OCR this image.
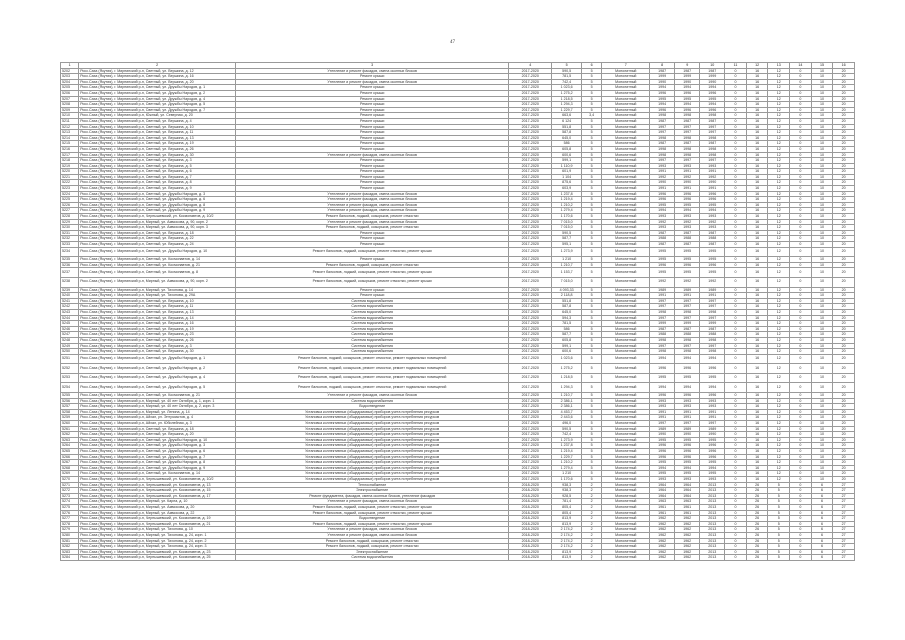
47
1	2	3	4	5	6	7	8	9	10	11	12	13	14	15	16
5202	Росс.Саха (Якутия), г. Мирнинский р-н, Светлый, ул. Вершина, д. 12	Утепление и ремонт фасадов, смена оконных блоков	2017-2020	590,5	5	Монолитный	1987	1987	1987	0	16	12	0	10	20
5203	Росс.Саха (Якутия), г. Мирнинский р-н, Светлый, ул. Вершина, д. 16	Ремонт крыши	2017-2020	781,5	5	Монолитный	1999	1999	1999	0	16	12	0	10	20
5204	Росс.Саха (Якутия), г. Мирнинский р-н, Светлый, ул. Вершина, д. 20	Утепление и ремонт фасадов, смена оконных блоков	2017-2020	742,4	5	Монолитный	1990	1990	1990	0	16	12	0	10	20
5205	Росс.Саха (Якутия), г. Мирнинский р-н, Светлый, ул. Дружбы Народов, д. 1	Ремонт крыши	2017-2020	1 023,6	5	Монолитный	1994	1994	1994	0	16	12	0	10	20
5206	Росс.Саха (Якутия), г. Мирнинский р-н, Светлый, ул. Дружбы Народов, д. 2	Ремонт крыши	2017-2020	1 275,2	5	Монолитный	1996	1996	1996	0	16	12	0	10	20
5207	Росс.Саха (Якутия), г. Мирнинский р-н, Светлый, ул. Дружбы Народов, д. 4	Ремонт крыши	2017-2020	1 218,5	5	Монолитный	1995	1995	1995	0	16	12	0	10	20
5208	Росс.Саха (Якутия), г. Мирнинский р-н, Светлый, ул. Дружбы Народов, д. 5	Ремонт крыши	2017-2020	1 294,3	5	Монолитный	1994	1994	1994	0	16	12	0	10	20
5209	Росс.Саха (Якутия), г. Мирнинский р-н, Светлый, ул. Дружбы Народов, д. 7	Ремонт крыши	2017-2020	1 229,7	5	Монолитный	1996	1996	1996	0	16	12	0	10	20
5210	Росс.Саха (Якутия), г. Мирнинский р-н, Южный, ул. Северная, д. 20	Ремонт крыши	2017-2020	663,6	3,4	Монолитный	1998	1998	1998	0	16	12	0	10	20
5211	Росс.Саха (Якутия), г. Мирнинский р-н, Светлый, ул. Вершина, д. 4	Ремонт крыши	2017-2020	6 124	5	Монолитный	1987	1987	1987	0	16	12	0	10	20
5212	Росс.Саха (Якутия), г. Мирнинский р-н, Светлый, ул. Вершина, д. 10	Ремонт крыши	2017-2020	551,8	5	Монолитный	1997	1997	1997	0	16	12	0	10	20
5213	Росс.Саха (Якутия), г. Мирнинский р-н, Светлый, ул. Вершина, д. 11	Ремонт крыши	2017-2020	587,8	5	Монолитный	1997	1997	1997	0	16	12	0	10	20
5214	Росс.Саха (Якутия), г. Мирнинский р-н, Светлый, ул. Вершина, д. 13	Ремонт крыши	2017-2020	645,0	5	Монолитный	1998	1998	1998	0	16	12	0	10	20
5215	Росс.Саха (Якутия), г. Мирнинский р-н, Светлый, ул. Вершина, д. 19	Ремонт крыши	2017-2020	586	5	Монолитный	1987	1987	1987	0	16	12	0	10	20
5216	Росс.Саха (Якутия), г. Мирнинский р-н, Светлый, ул. Вершина, д. 26	Ремонт крыши	2017-2020	605,8	5	Монолитный	1998	1998	1998	0	16	12	0	10	20
5217	Росс.Саха (Якутия), г. Мирнинский р-н, Светлый, ул. Вершина, д. 30	Утепление и ремонт фасадов, смена оконных блоков	2017-2020	600,6	5	Монолитный	1998	1998	1998	0	16	12	0	10	20
5218	Росс.Саха (Якутия), г. Мирнинский р-н, Светлый, ул. Вершина, д. 3	Ремонт крыши	2017-2020	599,1	5	Монолитный	1997	1997	1997	0	16	12	0	10	20
5219	Росс.Саха (Якутия), г. Мирнинский р-н, Светлый, ул. Вершина, д. 5	Ремонт крыши	2017-2020	1 110,9	5	Монолитный	1993	1993	1993	0	16	12	0	10	20
5220	Росс.Саха (Якутия), г. Мирнинский р-н, Светлый, ул. Вершина, д. 6	Ремонт крыши	2017-2020	601,9	5	Монолитный	1991	1991	1991	0	16	12	0	10	20
5221	Росс.Саха (Якутия), г. Мирнинский р-н, Светлый, ул. Вершина, д. 7	Ремонт крыши	2017-2020	1 104	5	Монолитный	1992	1992	1992	0	16	12	0	10	20
5222	Росс.Саха (Якутия), г. Мирнинский р-н, Светлый, ул. Вершина, д. 8	Ремонт крыши	2017-2020	875,6	5	Монолитный	1990	1990	1990	0	16	12	0	10	20
5223	Росс.Саха (Якутия), г. Мирнинский р-н, Светлый, ул. Вершина, д. 9	Ремонт крыши	2017-2020	603,9	5	Монолитный	1991	1991	1991	0	16	12	0	10	20
5224	Росс.Саха (Якутия), г. Мирнинский р-н, Светлый, ул. Дружбы Народов, д. 3	Утепление и ремонт фасадов, смена оконных блоков	2017-2020	1 237,8	5	Монолитный	1996	1996	1996	0	16	12	0	10	20
5225	Росс.Саха (Якутия), г. Мирнинский р-н, Светлый, ул. Дружбы Народов, д. 6	Утепление и ремонт фасадов, смена оконных блоков	2017-2020	1 219,4	5	Монолитный	1996	1996	1996	0	16	12	0	10	20
5226	Росс.Саха (Якутия), г. Мирнинский р-н, Светлый, ул. Дружбы Народов, д. 8	Утепление и ремонт фасадов, смена оконных блоков	2017-2020	1 210,2	5	Монолитный	1995	1995	1995	0	16	12	0	10	20
5227	Росс.Саха (Якутия), г. Мирнинский р-н, Светлый, ул. Дружбы Народов, д. 9	Утепление и ремонт фасадов, смена оконных блоков	2017-2020	1 279,4	5	Монолитный	1994	1994	1994	0	16	12	0	10	20
5228	Росс.Саха (Якутия), г. Мирнинский р-н, Чернышевский, ул. Космонавтов, д. 10/2	Ремонт балконов, лоджий, козырьков, ремонт отмостки	2017-2020	1 170,6	5	Монолитный	1993	1993	1993	0	16	12	0	10	20
5229	Росс.Саха (Якутия), г. Мирнинский р-н, Мирный, ул. Аммосова, д. 90, корп. 2	Утепление и ремонт фасадов, смена оконных блоков	2017-2020	7 015,0	5	Монолитный	1992	1992	1992	0	16	12	0	10	20
5230	Росс.Саха (Якутия), г. Мирнинский р-н, Мирный, ул. Аммосова, д. 90, корп. 3	Ремонт балконов, лоджий, козырьков, ремонт отмостки	2017-2020	7 015,0	5	Монолитный	1993	1993	1993	0	16	12	0	10	20
5231	Росс.Саха (Якутия), г. Мирнинский р-н, Светлый, ул. Вершина, д. 18	Ремонт крыши	2017-2020	590,5	5	Монолитный	1987	1987	1987	0	16	12	0	10	20
5232	Росс.Саха (Якутия), г. Мирнинский р-н, Светлый, ул. Вершина, д. 22	Ремонт крыши	2017-2020	587,7	5	Монолитный	1988	1988	1988	0	16	12	0	10	20
5233	Росс.Саха (Якутия), г. Мирнинский р-н, Светлый, ул. Вершина, д. 24	Ремонт крыши	2017-2020	595,1	5	Монолитный	1987	1987	1987	0	16	12	0	10	20
5234	Росс.Саха (Якутия), г. Мирнинский р-н, Светлый, ул. Дружбы Народов, д. 10	Ремонт балконов, лоджий, козырьков, ремонт отмостки, ремонт крыши	2017-2020	1 273,9	5	Монолитный	1995	1995	1995	0	16	12	0	10	20
5235	Росс.Саха (Якутия), г. Мирнинский р-н, Светлый, ул. Космонавтов, д. 14	Ремонт крыши	2017-2020	1 210	5	Монолитный	1995	1995	1995	0	16	12	0	10	20
5236	Росс.Саха (Якутия), г. Мирнинский р-н, Светлый, ул. Космонавтов, д. 21	Ремонт балконов, лоджий, козырьков, ремонт отмостки	2017-2020	1 210,7	5	Монолитный	1996	1996	1996	0	16	12	0	10	20
5237	Росс.Саха (Якутия), г. Мирнинский р-н, Светлый, ул. Космонавтов, д. 8	Ремонт балконов, лоджий, козырьков, ремонт отмостки, ремонт крыши	2017-2020	1 153,7	5	Монолитный	1995	1995	1995	0	16	12	0	10	20
5238	Росс.Саха (Якутия), г. Мирнинский р-н, Мирный, ул. Аммосова, д. 90, корп. 2	Ремонт балконов, лоджий, козырьков, ремонт отмостки, ремонт крыши	2017-2020	7 015,0	5	Монолитный	1992	1992	1992	0	16	12	0	10	20
5239	Росс.Саха (Якутия), г. Мирнинский р-н, Мирный, ул. Тихонова, д. 14	Ремонт крыши	2017-2020	4 093,33	5	Монолитный	1989	1989	1989	0	16	12	0	10	20
5240	Росс.Саха (Якутия), г. Мирнинский р-н, Мирный, ул. Тихонова, д. 29А	Ремонт крыши	2017-2020	2 118,8	5	Монолитный	1991	1991	1991	0	16	12	0	10	20
5241	Росс.Саха (Якутия), г. Мирнинский р-н, Светлый, ул. Вершина, д. 10	Система водоснабжения	2017-2020	551,8	5	Монолитный	1997	1997	1997	0	16	12	0	10	20
5242	Росс.Саха (Якутия), г. Мирнинский р-н, Светлый, ул. Вершина, д. 11	Система водоснабжения	2017-2020	587,8	5	Монолитный	1997	1997	1997	0	16	12	0	10	20
5243	Росс.Саха (Якутия), г. Мирнинский р-н, Светлый, ул. Вершина, д. 13	Система водоснабжения	2017-2020	645,0	5	Монолитный	1998	1998	1998	0	16	12	0	10	20
5244	Росс.Саха (Якутия), г. Мирнинский р-н, Светлый, ул. Вершина, д. 14	Система водоснабжения	2017-2020	594,3	5	Монолитный	1997	1997	1997	0	16	12	0	10	20
5245	Росс.Саха (Якутия), г. Мирнинский р-н, Светлый, ул. Вершина, д. 16	Система водоснабжения	2017-2020	781,5	5	Монолитный	1999	1999	1999	0	16	12	0	10	20
5246	Росс.Саха (Якутия), г. Мирнинский р-н, Светлый, ул. Вершина, д. 19	Система водоснабжения	2017-2020	586	5	Монолитный	1987	1987	1987	0	16	12	0	10	20
5247	Росс.Саха (Якутия), г. Мирнинский р-н, Светлый, ул. Вершина, д. 23	Система водоснабжения	2017-2020	587,7	5	Монолитный	1988	1988	1988	0	16	12	0	10	20
5248	Росс.Саха (Якутия), г. Мирнинский р-н, Светлый, ул. Вершина, д. 26	Система водоснабжения	2017-2020	605,8	5	Монолитный	1998	1998	1998	0	16	12	0	10	20
5249	Росс.Саха (Якутия), г. Мирнинский р-н, Светлый, ул. Вершина, д. 3	Система водоснабжения	2017-2020	599,1	5	Монолитный	1997	1997	1997	0	16	12	0	10	20
5250	Росс.Саха (Якутия), г. Мирнинский р-н, Светлый, ул. Вершина, д. 30	Система водоснабжения	2017-2020	600,6	5	Монолитный	1998	1998	1998	0	16	12	0	10	20
5251	Росс.Саха (Якутия), г. Мирнинский р-н, Светлый, ул. Дружбы Народов, д. 1	Ремонт балконов, лоджий, козырьков, ремонт отмостки, ремонт подвальных помещений	2017-2020	1 023,6	5	Монолитный	1994	1994	1994	0	16	12	0	10	20
5252	Росс.Саха (Якутия), г. Мирнинский р-н, Светлый, ул. Дружбы Народов, д. 2	Ремонт балконов, лоджий, козырьков, ремонт отмостки, ремонт подвальных помещений	2017-2020	1 275,2	5	Монолитный	1996	1996	1996	0	16	12	0	10	20
5253	Росс.Саха (Якутия), г. Мирнинский р-н, Светлый, ул. Дружбы Народов, д. 4	Ремонт балконов, лоджий, козырьков, ремонт отмостки, ремонт подвальных помещений	2017-2020	1 218,5	5	Монолитный	1995	1995	1995	0	16	12	0	10	20
5254	Росс.Саха (Якутия), г. Мирнинский р-н, Светлый, ул. Дружбы Народов, д. 5	Ремонт балконов, лоджий, козырьков, ремонт отмостки, ремонт подвальных помещений	2017-2020	1 294,3	5	Монолитный	1994	1994	1994	0	16	12	0	10	20
5255	Росс.Саха (Якутия), г. Мирнинский р-н, Светлый, ул. Космонавтов, д. 21	Утепление и ремонт фасадов, смена оконных блоков	2017-2020	1 210,7	5	Монолитный	1996	1996	1996	0	16	12	0	10	20
5256	Росс.Саха (Якутия), г. Мирнинский р-н, Мирный, ул. 40 лет Октября, д. 1, корп. 1	Система водоснабжения	2017-2020	2 386,1	5	Монолитный	1993	1993	1993	0	16	12	0	10	20
5257	Росс.Саха (Якутия), г. Мирнинский р-н, Мирный, ул. 40 лет Октября, д. 2, корп. 3	Водоотведение	2017-2020	2 386,1	5	Монолитный	1993	1993	1993	0	16	12	0	10	20
5258	Росс.Саха (Якутия), г. Мирнинский р-н, Мирный, ул. Ленина, д. 14	Установка коллективных (общедомовых) приборов учета потребления ресурсов	2017-2020	4 453,7	5	Монолитный	1991	1991	1991	0	16	12	0	10	20
5259	Росс.Саха (Якутия), г. Мирнинский р-н, Айхал, ул. Энтузиастов, д. 4	Установка коллективных (общедомовых) приборов учета потребления ресурсов	2017-2020	2 443,6	5	Монолитный	1991	1991	1991	0	16	12	0	10	20
5260	Росс.Саха (Якутия), г. Мирнинский р-н, Айхал, ул. Юбилейная, д. 3	Установка коллективных (общедомовых) приборов учета потребления ресурсов	2017-2020	496,0	5	Монолитный	1997	1997	1997	0	16	12	0	10	20
5261	Росс.Саха (Якутия), г. Мирнинский р-н, Светлый, ул. Вершина, д. 18	Установка коллективных (общедомовых) приборов учета потребления ресурсов	2017-2020	590,5	5	Монолитный	1989	1989	1989	0	16	12	0	10	20
5262	Росс.Саха (Якутия), г. Мирнинский р-н, Светлый, ул. Вершина, д. 20	Установка коллективных (общедомовых) приборов учета потребления ресурсов	2017-2020	742,4	5	Монолитный	1990	1990	1990	0	16	12	0	10	20
5263	Росс.Саха (Якутия), г. Мирнинский р-н, Светлый, ул. Дружбы Народов, д. 10	Установка коллективных (общедомовых) приборов учета потребления ресурсов	2017-2020	1 273,9	5	Монолитный	1995	1995	1995	0	16	12	0	10	20
5264	Росс.Саха (Якутия), г. Мирнинский р-н, Светлый, ул. Дружбы Народов, д. 3	Установка коллективных (общедомовых) приборов учета потребления ресурсов	2017-2020	1 237,8	5	Монолитный	1996	1996	1996	0	16	12	0	10	20
5265	Росс.Саха (Якутия), г. Мирнинский р-н, Светлый, ул. Дружбы Народов, д. 6	Установка коллективных (общедомовых) приборов учета потребления ресурсов	2017-2020	1 219,4	5	Монолитный	1996	1996	1996	0	16	12	0	10	20
5266	Росс.Саха (Якутия), г. Мирнинский р-н, Светлый, ул. Дружбы Народов, д. 7	Установка коллективных (общедомовых) приборов учета потребления ресурсов	2017-2020	1 229,7	5	Монолитный	1996	1996	1996	0	16	12	0	10	20
5267	Росс.Саха (Якутия), г. Мирнинский р-н, Светлый, ул. Дружбы Народов, д. 8	Установка коллективных (общедомовых) приборов учета потребления ресурсов	2017-2020	1 210,2	5	Монолитный	1995	1995	1995	0	16	12	0	10	20
5268	Росс.Саха (Якутия), г. Мирнинский р-н, Светлый, ул. Дружбы Народов, д. 9	Установка коллективных (общедомовых) приборов учета потребления ресурсов	2017-2020	1 279,4	5	Монолитный	1994	1994	1994	0	16	12	0	10	20
5269	Росс.Саха (Якутия), г. Мирнинский р-н, Светлый, ул. Космонавтов, д. 14	Установка коллективных (общедомовых) приборов учета потребления ресурсов	2017-2020	1 210	5	Монолитный	1995	1995	1995	0	16	12	0	10	20
5270	Росс.Саха (Якутия), г. Мирнинский р-н, Чернышевский, ул. Космонавтов, д. 10/2	Установка коллективных (общедомовых) приборов учета потребления ресурсов	2017-2020	1 170,6	5	Монолитный	1993	1993	1993	0	16	12	0	10	20
5271	Росс.Саха (Якутия), г. Мирнинский р-н, Чернышевский, ул. Космонавтов, д. 13	Теплоснабжение	2018-2020	938,3	2	Монолитный	1964	1964	2013	0	26	5	0	6	27
5272	Росс.Саха (Якутия), г. Мирнинский р-н, Чернышевский, ул. Космонавтов, д. 15	Электроснабжение	2018-2020	938,3	2	Монолитный	1964	1964	2013	0	26	5	0	6	27
5273	Росс.Саха (Якутия), г. Мирнинский р-н, Чернышевский, ул. Космонавтов, д. 17	Ремонт фундамента, фасадов, смена оконных блоков, утепление фасадов	2018-2020	928,5	2	Монолитный	1964	1964	2013	0	26	5	0	6	27
5274	Росс.Саха (Якутия), г. Мирнинский р-н, Мирный, ул. Карла, д. 10	Утепление и ремонт фасадов, смена оконных блоков	2018-2020	781,4	2	Монолитный	1963	1963	2013	0	26	5	0	6	27
5275	Росс.Саха (Якутия), г. Мирнинский р-н, Мирный, ул. Аммосова, д. 20	Ремонт балконов, лоджий, козырьков, ремонт отмостки, ремонт крыши	2018-2020	805,4	2	Монолитный	1961	1961	2013	0	26	5	0	6	27
5276	Росс.Саха (Якутия), г. Мирнинский р-н, Мирный, ул. Аммосова, д. 22	Ремонт балконов, лоджий, козырьков, ремонт отмостки, ремонт крыши	2018-2020	805,4	2	Монолитный	1961	1961	2013	0	26	5	0	6	27
5277	Росс.Саха (Якутия), г. Мирнинский р-н, Чернышевский, ул. Космонавтов, д. 19	Водоотведение	2018-2020	813,9	2	Монолитный	1962	1962	2013	0	26	5	0	6	27
5278	Росс.Саха (Якутия), г. Мирнинский р-н, Чернышевский, ул. Космонавтов, д. 21	Ремонт балконов, лоджий, козырьков, ремонт отмостки, ремонт крыши	2018-2020	813,9	2	Монолитный	1962	1962	2013	0	26	5	0	6	27
5279	Росс.Саха (Якутия), г. Мирнинский р-н, Мирный, ул. Тихонова, д. 10	Утепление и ремонт фасадов, смена оконных блоков	2018-2020	2 174,2	2	Монолитный	1962	1962	2013	0	26	5	0	6	27
5280	Росс.Саха (Якутия), г. Мирнинский р-н, Мирный, ул. Тихонова, д. 24, корп. 1	Утепление и ремонт фасадов, смена оконных блоков	2018-2020	2 174,2	2	Монолитный	1962	1962	2013	0	26	5	0	6	27
5281	Росс.Саха (Якутия), г. Мирнинский р-н, Мирный, ул. Тихонова, д. 24, корп. 2	Ремонт балконов, лоджий, козырьков, ремонт отмостки	2018-2020	2 174,2	2	Монолитный	1962	1962	2013	0	26	5	0	6	27
5282	Росс.Саха (Якутия), г. Мирнинский р-н, Мирный, ул. Тихонова, д. 24, корп. 3	Ремонт балконов, лоджий, козырьков, ремонт отмостки	2018-2020	2 174,2	2	Монолитный	1962	1962	2013	0	26	5	0	6	27
5283	Росс.Саха (Якутия), г. Мирнинский р-н, Чернышевский, ул. Космонавтов, д. 23	Электроснабжение	2018-2020	813,9	2	Монолитный	1962	1962	2013	0	26	5	0	6	27
5284	Росс.Саха (Якутия), г. Мирнинский р-н, Чернышевский, ул. Космонавтов, д. 25	Система водоснабжения	2018-2020	813,9	2	Монолитный	1962	1962	2013	0	26	5	0	6	27
